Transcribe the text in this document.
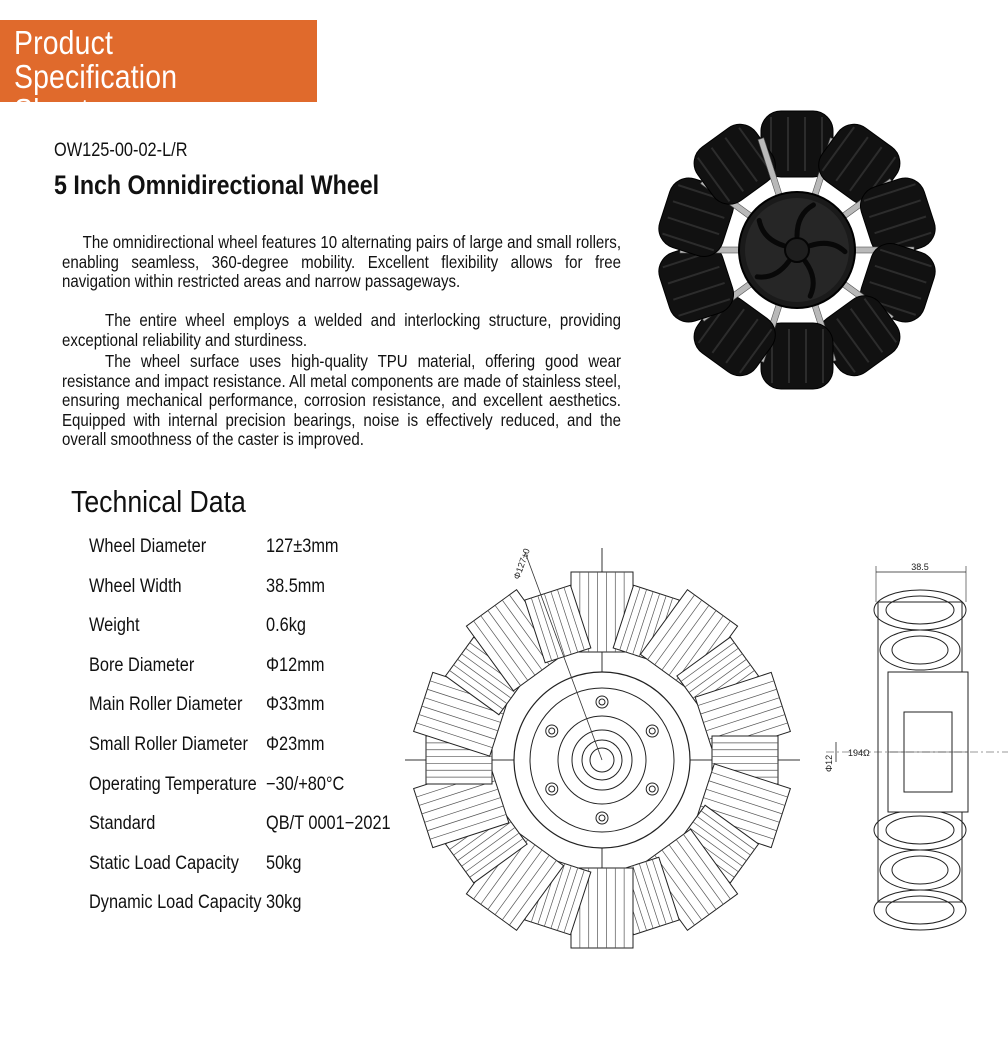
Product Specification
Sheet
OW125-00-02-L/R
5 Inch Omnidirectional Wheel

The omnidirectional wheel features 10 alternating pairs of large and small rollers, enabling seamless, 360-degree mobility. Excellent flexibility allows for free navigation within restricted areas and narrow passageways.

The entire wheel employs a welded and interlocking structure, providing exceptional reliability and sturdiness.

The wheel surface uses high-quality TPU material, offering good wear resistance and impact resistance. All metal components are made of stainless steel, ensuring mechanical performance, corrosion resistance, and excellent aesthetics. Equipped with internal precision bearings, noise is effectively reduced, and the overall smoothness of the caster is improved.

Technical Data
Wheel Diameter	127±3mm
Wheel Width	38.5mm
Weight	0.6kg
Bore Diameter	Φ12mm
Main Roller Diameter Φ33mm
Small Roller Diameter Φ23mm
Operating Temperature −30/+80°C
Standard	QB/T 0001−2021
Static Load Capacity 50kg
Dynamic Load Capacity 30kg
Φ127±0	38.5
Φ12
194Ω
